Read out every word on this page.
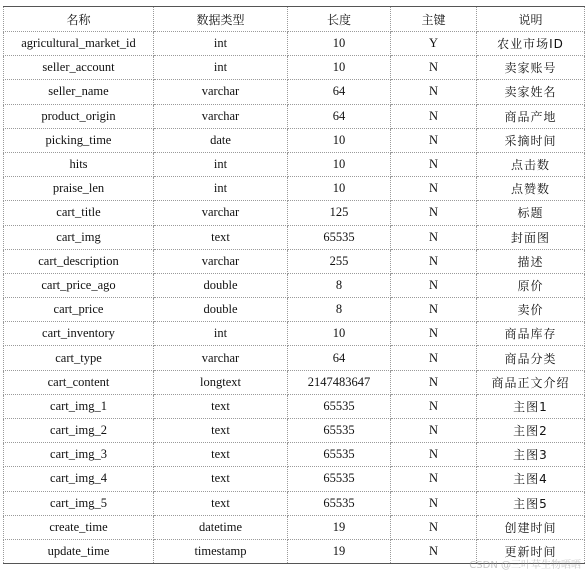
名称	数据类型	长度	主键	说明
agricultural_market_id	int	10	Y	农业市场ID
seller_account	int	10	N	卖家账号
seller_name	varchar	64	N	卖家姓名
product_origin	varchar	64	N	商品产地
picking_time	date	10	N	采摘时间
hits	int	10	N	点击数
praise_len	int	10	N	点赞数
cart_title	varchar	125	N	标题
cart_img	text	65535	N	封面图
cart_description	varchar	255	N	描述
cart_price_ago	double	8	N	原价
cart_price	double	8	N	卖价
cart_inventory	int	10	N	商品库存
cart_type	varchar	64	N	商品分类
cart_content	longtext	2147483647	N	商品正文介绍
cart_img_1	text	65535	N	主图1
cart_img_2	text	65535	N	主图2
cart_img_3	text	65535	N	主图3
cart_img_4	text	65535	N	主图4
cart_img_5	text	65535	N	主图5
create_time	datetime	19	N	创建时间
update_time	timestamp	19	N	更新时间
CSDN @三叶草生物晒晒
